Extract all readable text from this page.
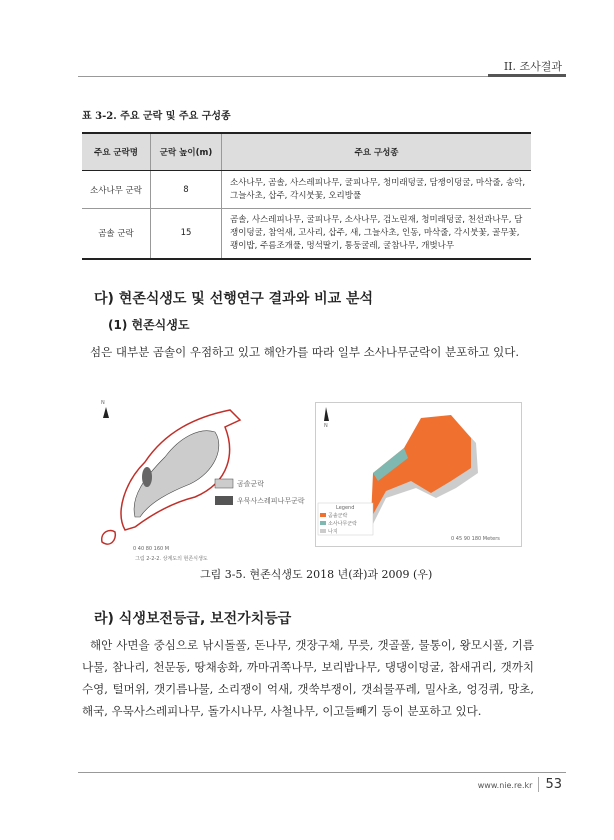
II. 조사결과
표 3-2. 주요 군락 및 주요 구성종
주요 군락명	군락 높이(m)	주요 구성종
소사나무 군락	8	소사나무, 곰솔, 사스레피나무, 굴피나무, 청미래덩굴, 담쟁이덩굴, 마삭줄, 송악, 그늘사초, 삽주, 각시붓꽃, 오리방풀
곰솔 군락	15	곰솔, 사스레피나무, 굴피나무, 소사나무, 검노린재, 청미래덩굴, 천선과나무, 담쟁이덩굴, 참억새, 고사리, 삽주, 새, 그늘사초, 인동, 마삭줄, 각시붓꽃, 골무꽃, 괭이밥, 주름조개풀, 멍석딸기, 통둥굴레, 굴참나무, 개벚나무
다) 현존식생도 및 선행연구 결과와 비교 분석
(1) 현존식생도
섬은 대부분 곰솔이 우점하고 있고 해안가를 따라 일부 소사나무군락이 분포하고 있다.
N
곰솔군락
우묵사스레피나무군락
0 40 80 160 M
그림 2-2-2. 상계도의 현존식생도
N
Legend
곰솔군락
소사나무군락
나지
0 45 90 180 Meters
그림 3-5. 현존식생도 2018 년(좌)과 2009 (우)
라) 식생보전등급, 보전가치등급
해안 사면을 중심으로 낚시돌풀, 돈나무, 갯장구채, 무릇, 갯골풀, 물통이, 왕모시풀, 기름나물, 참나리, 천문동, 땅채송화, 까마귀쪽나무, 보리밥나무, 댕댕이덩굴, 참새귀리, 갯까치수영, 털머위, 갯기름나물, 소리쟁이 억새, 갯쑥부쟁이, 갯쇠물푸레, 밀사초, 엉겅퀴, 망초, 해국, 우묵사스레피나무, 돌가시나무, 사철나무, 이고들빼기 등이 분포하고 있다.
www.nie.re.kr 53
